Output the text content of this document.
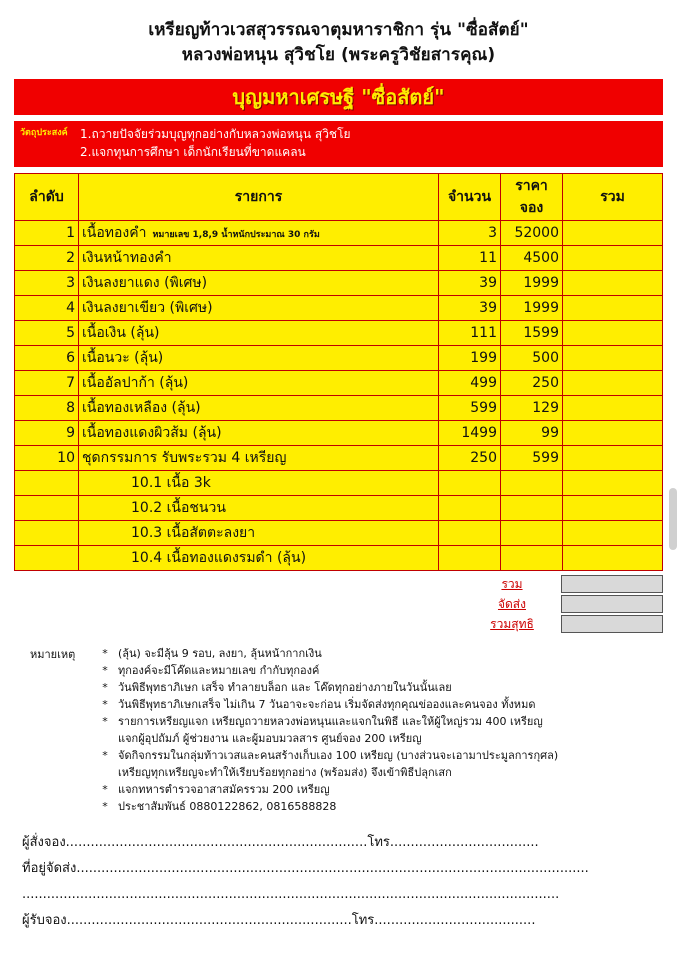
เหรียญท้าวเวสสุวรรณจาตุมหาราชิกา รุ่น "ซื่อสัตย์"
หลวงพ่อหนุน สุวิชโย (พระครูวิชัยสารคุณ)
บุญมหาเศรษฐี "ซื่อสัตย์"
วัตถุประสงค์	1.ถวายปัจจัยร่วมบุญทุกอย่างกับหลวงพ่อหนุน สุวิชโย
2.แจกทุนการศึกษา เด็กนักเรียนที่ขาดแคลน
ลำดับ	รายการ	จำนวน	ราคาจอง	รวม
1	เนื้อทองคำ หมายเลข 1,8,9 น้ำหนักประมาณ 30 กรัม	3	52000	
2	เงินหน้าทองคำ	11	4500	
3	เงินลงยาแดง (พิเศษ)	39	1999	
4	เงินลงยาเขียว (พิเศษ)	39	1999	
5	เนื้อเงิน (ลุ้น)	111	1599	
6	เนื้อนวะ (ลุ้น)	199	500	
7	เนื้ออัลปาก้า (ลุ้น)	499	250	
8	เนื้อทองเหลือง (ลุ้น)	599	129	
9	เนื้อทองแดงผิวส้ม (ลุ้น)	1499	99	
10	ชุดกรรมการ รับพระรวม 4 เหรียญ	250	599	
	10.1 เนื้อ 3k			
	10.2 เนื้อชนวน			
	10.3 เนื้อสัตตะลงยา			
	10.4 เนื้อทองแดงรมดำ (ลุ้น)			
รวม
จัดส่ง
รวมสุทธิ
หมายเหตุ	* (ลุ้น) จะมีลุ้น 9 รอบ, ลงยา, ลุ้นหน้ากากเงิน
* ทุกองค์จะมีโค๊ดและหมายเลข กำกับทุกองค์
* วันพิธีพุทธาภิเษก เสร็จ ทำลายบล็อก และ โค๊ดทุกอย่างภายในวันนั้นเลย
* วันพิธีพุทธาภิเษกเสร็จ ไม่เกิน 7 วันอาจะจะก่อน เริ่มจัดส่งทุกคุณข่อองและคนจอง ทั้งหมด
* รายการเหรียญแจก เหรียญถวายหลวงพ่อหนุนและแจกในพิธี และให้ผู้ใหญ่รวม 400 เหรียญ
แจกผู้อุปถัมภ์ ผู้ช่วยงาน และผู้มอบมวลสาร ศูนย์จอง 200 เหรียญ
* จัดกิจกรรมในกลุ่มท้าวเวสและคนสร้างเก็บเอง 100 เหรียญ (บางส่วนจะเอามาประมูลการกุศล)
เหรียญทุกเหรียญจะทำให้เรียบร้อยทุกอย่าง (พร้อมส่ง) จึงเข้าพิธีปลุกเสก
* แจกทหารตำรวจอาสาสมัครรวม 200 เหรียญ
* ประชาสัมพันธ์ 0880122862, 0816588828
ผู้สั่งจอง.........................................................................โทร....................................
ที่อยู่จัดส่ง............................................................................................................................
..................................................................................................................................
ผู้รับจอง.....................................................................โทร.......................................
